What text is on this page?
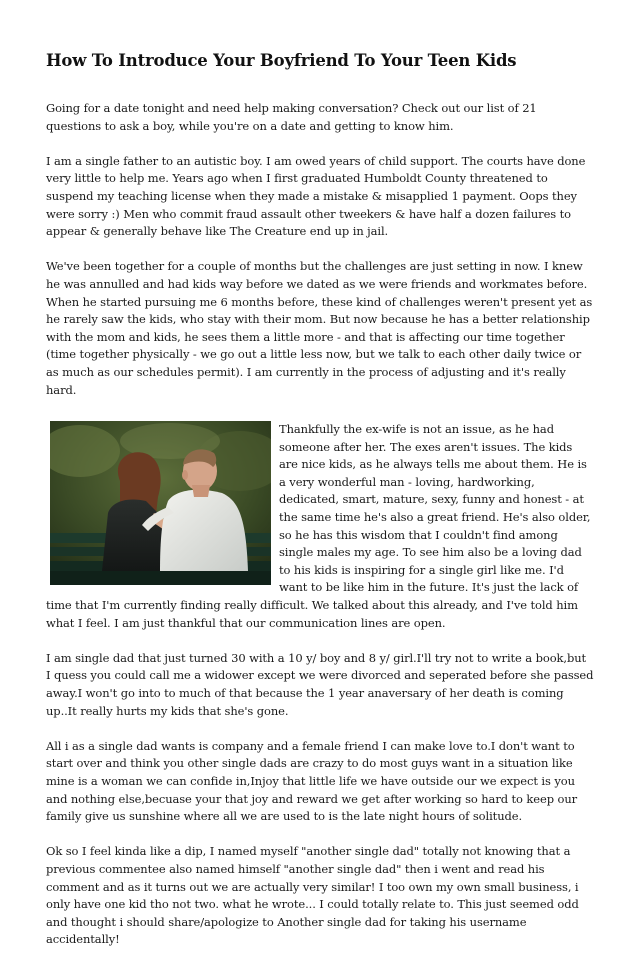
How To Introduce Your Boyfriend To Your Teen Kids

Going for a date tonight and need help making conversation? Check out our list of 21 questions to ask a boy, while you're on a date and getting to know him.

I am a single father to an autistic boy. I am owed years of child support. The courts have done very little to help me. Years ago when I first graduated Humboldt County threatened to suspend my teaching license when they made a mistake & misapplied 1 payment. Oops they were sorry :) Men who commit fraud assault other tweekers & have half a dozen failures to appear & generally behave like The Creature end up in jail.

We've been together for a couple of months but the challenges are just setting in now. I knew he was annulled and had kids way before we dated as we were friends and workmates before. When he started pursuing me 6 months before, these kind of challenges weren't present yet as he rarely saw the kids, who stay with their mom. But now because he has a better relationship with the mom and kids, he sees them a little more - and that is affecting our time together (time together physically - we go out a little less now, but we talk to each other daily twice or as much as our schedules permit). I am currently in the process of adjusting and it's really hard.

Thankfully the ex-wife is not an issue, as he had someone after her. The exes aren't issues. The kids are nice kids, as he always tells me about them. He is a very wonderful man - loving, hardworking, dedicated, smart, mature, sexy, funny and honest - at the same time he's also a great friend. He's also older, so he has this wisdom that I couldn't find among single males my age. To see him also be a loving dad to his kids is inspiring for a single girl like me. I'd want to be like him in the future. It's just the lack of time that I'm currently finding really difficult. We talked about this already, and I've told him what I feel. I am just thankful that our communication lines are open.

I am single dad that just turned 30 with a 10 y/ boy and 8 y/ girl.I'll try not to write a book,but I quess you could call me a widower except we were divorced and seperated before she passed away.I won't go into to much of that because the 1 year anaversary of her death is coming up..It really hurts my kids that she's gone.

All i as a single dad wants is company and a female friend I can make love to.I don't want to start over and think you other single dads are crazy to do most guys want in a situation like mine is a woman we can confide in,Injoy that little life we have outside our we expect is you and nothing else,becuase your that joy and reward we get after working so hard to keep our family give us sunshine where all we are used to is the late night hours of solitude.

Ok so I feel kinda like a dip, I named myself "another single dad" totally not knowing that a previous commentee also named himself "another single dad" then i went and read his comment and as it turns out we are actually very similar! I too own my own small business, i only have one kid tho not two. what he wrote... I could totally relate to. This just seemed odd and thought i should share/apologize to Another single dad for taking his username accidentally!
